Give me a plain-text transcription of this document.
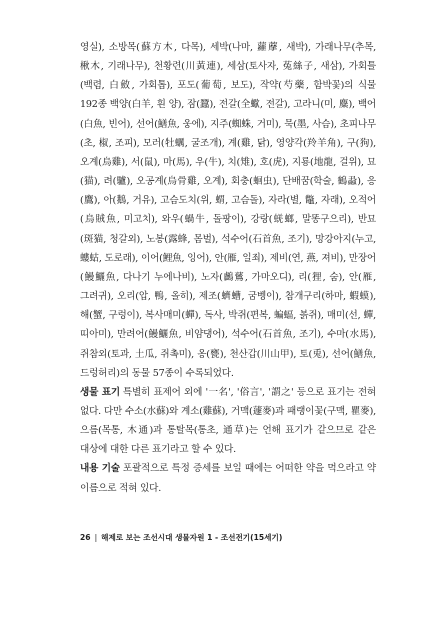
영실), 소방목(蘇方木, 다목), 세박(나마, 蘿藦, 새박), 가래나무(추목, 楸木, 기래나무), 천황련(川黃連), 세삼(토사자, 菟絲子, 새삼), 가회틀(백렴, 白斂, 가회톱), 포도(葡萄, 보도), 작약(芍藥, 함박꽃)의 식물 192종 백양(白羊, 흰 양), 잠(蠶), 전갈(全蠍, 전갈), 고라니(미, 麋), 백어(白魚, 빈어), 선어(鱔魚, 웅에), 지주(蜘蛛, 거미), 묵(墨, 사슴), 초피나무(초, 椒, 조피), 모러(牡蠣, 굴조개), 계(雞, 닭), 영양각(羚羊角), 구(狗), 오계(烏雞), 서(鼠), 마(馬), 우(牛), 치(雉), 호(虎), 지룡(地龍, 걸위), 묘(猫), 려(驢), 오공계(烏骨雞, 오계), 회충(蛔虫), 단배꿈(학술, 鶴蝨), 응(鷹), 아(鵝, 거유), 고슴도치(위, 蝟, 고슴돌), 자라(별, 鼈, 자래), 오적어(烏賊魚, 미고치), 와우(蝸牛, 돌팡이), 강랑(蜣螂, 말똥구으리), 반묘(斑猫, 청갈외), 노봉(露蜂, 몸벌), 석수어(石首魚, 조기), 망강아지(누고, 螻蛄, 도로래), 이어(鯉魚, 잉어), 안(雁, 일죄), 제비(연, 燕, 져비), 만장어(鰻鱺魚, 다나기 누에나비), 노자(鸕鶿, 가마오디), 리(狸, 숨), 안(雁, 그려귀), 오리(압, 鴨, 올히), 제조(蠐螬, 굼벵이), 참개구리(하마, 蝦蟆), 해(蟹, 구렁이), 복사매미(蟬), 독사, 박쥐(편복, 蝙蝠, 볽쥐), 매미(선, 蟬, 띠아미), 만려어(鰻鱺魚, 비얌댕어), 석수어(石首魚, 조기), 수마(水馬), 쥐참외(토과, 土瓜, 쥐촉미), 옹(甕), 천산갑(川山甲), 토(兎), 선어(鱔魚, 드렁허리)의 동물 57종이 수록되었다.

생물 표기 특별히 표제어 외에 '一名', '俗言', '謂之' 등으로 표기는 전혀 없다. 다만 수소(水蘇)와 계소(雞蘇), 거맥(蘧麥)과 패랭이꽃(구맥, 瞿麥), 으름(목통, 木通)과 통탈목(통초, 通草)는 언해 표기가 같으므로 같은 대상에 대한 다른 표기라고 할 수 있다.

내용 기술 포괄적으로 특정 증세를 보일 때에는 어떠한 약을 먹으라고 약 이름으로 적혀 있다.

26 | 해제로 보는 조선시대 생물자원 1 - 조선전기(15세기)
